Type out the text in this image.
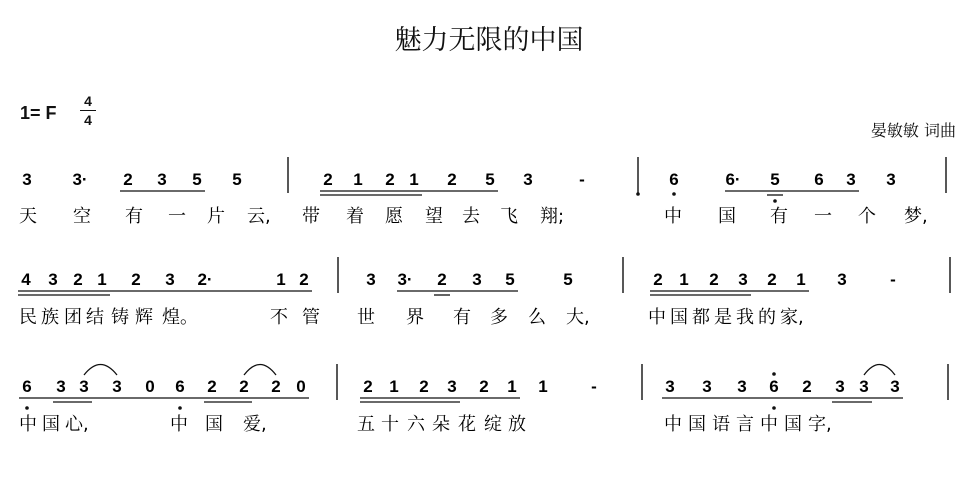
魅力无限的中国
1= F
4
4
晏敏敏 词曲
3 3· 2 3 5 5	2 1 2 1 2 5 3	-	6	6· 5 6 3 3
天 空 有 一 片 云, 带 着 愿 望 去 飞 翔;	中 国 有 一 个 梦,
4 3 2 1 2 3 2·	1 2	3 3· 2 3 5	5	2 1 2 3 2 1 3	-
民 族 团 结 铸 辉 煌。	不 管 世 界 有 多 么 大,	中 国 都 是 我 的 家,
6 3 3 3 0 6 2 2 2 0	2 1 2 3 2 1 1	-	3 3 3 6 2 3 3 3
中 国 心,	中 国 爱,	五 十 六 朵 花 绽 放	中 国 语 言 中 国 字,
